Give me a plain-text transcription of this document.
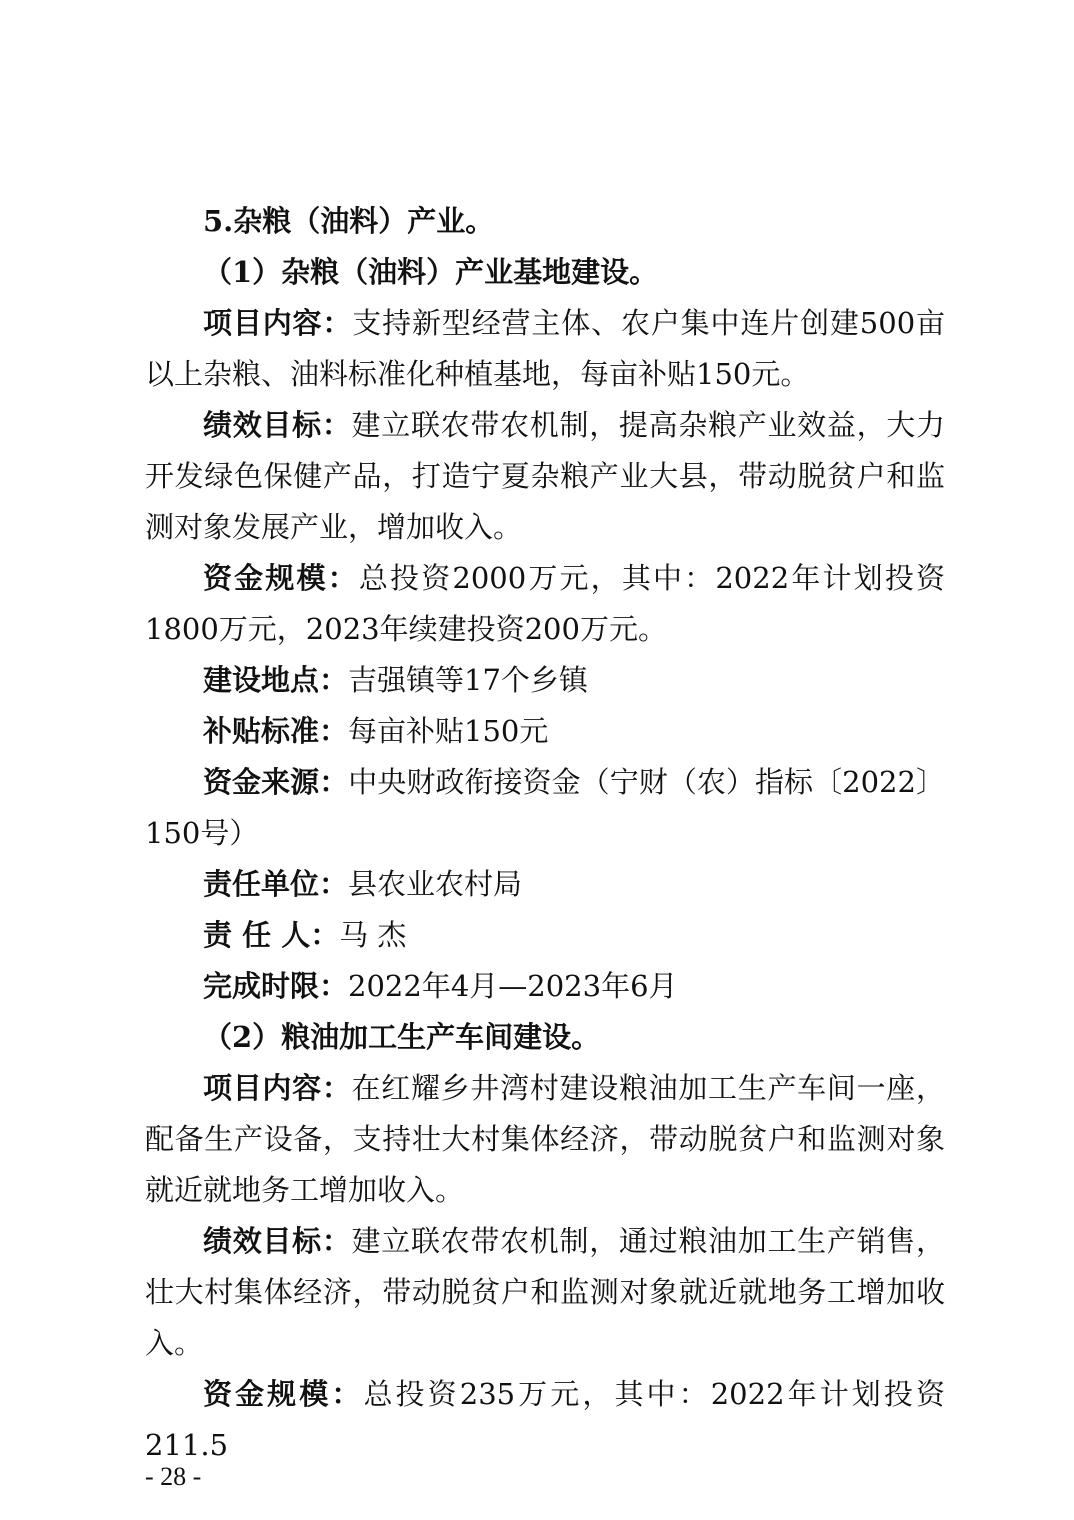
5.杂粮（油料）产业。

（1）杂粮（油料）产业基地建设。

项目内容：支持新型经营主体、农户集中连片创建500亩以上杂粮、油料标准化种植基地，每亩补贴150元。

绩效目标：建立联农带农机制，提高杂粮产业效益，大力开发绿色保健产品，打造宁夏杂粮产业大县，带动脱贫户和监测对象发展产业，增加收入。

资金规模：总投资2000万元，其中：2022年计划投资1800万元，2023年续建投资200万元。

建设地点：吉强镇等17个乡镇

补贴标准：每亩补贴150元

资金来源：中央财政衔接资金（宁财（农）指标〔2022〕150号）

责任单位：县农业农村局

责 任 人：马 杰

完成时限：2022年4月—2023年6月

（2）粮油加工生产车间建设。

项目内容：在红耀乡井湾村建设粮油加工生产车间一座，配备生产设备，支持壮大村集体经济，带动脱贫户和监测对象就近就地务工增加收入。

绩效目标：建立联农带农机制，通过粮油加工生产销售，壮大村集体经济，带动脱贫户和监测对象就近就地务工增加收入。

资金规模：总投资235万元，其中：2022年计划投资211.5

- 28 -
